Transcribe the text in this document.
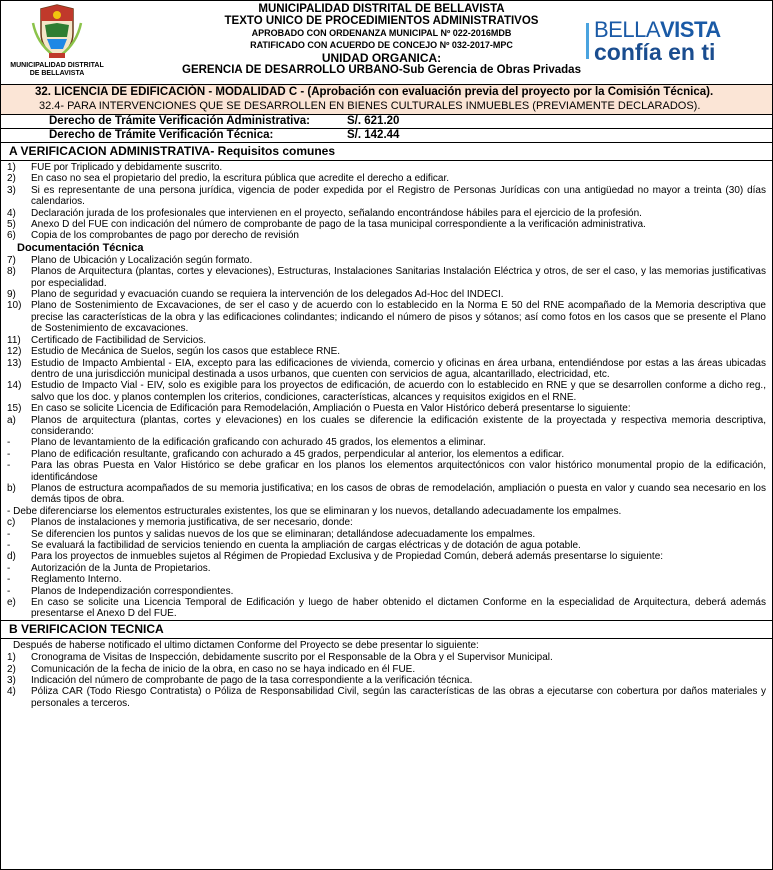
MUNICIPALIDAD DISTRITAL DE BELLAVISTA
MUNICIPALIDAD DISTRITAL DE BELLAVISTA
TEXTO UNICO DE PROCEDIMIENTOS ADMINISTRATIVOS
APROBADO CON ORDENANZA MUNICIPAL Nº 022-2016MDB
RATIFICADO CON ACUERDO DE CONCEJO Nº 032-2017-MPC
UNIDAD ORGANICA:
GERENCIA DE DESARROLLO URBANO-Sub Gerencia de Obras Privadas
BELLAVISTA
confía en ti
32. LICENCIA DE EDIFICACIÓN - MODALIDAD C - (Aprobación con evaluación previa del proyecto por la Comisión Técnica).
32.4- PARA INTERVENCIONES QUE SE DESARROLLEN EN BIENES CULTURALES INMUEBLES (PREVIAMENTE DECLARADOS).
Derecho de Trámite Verificación Administrativa:	S/. 621.20
Derecho de Trámite Verificación Técnica:	S/. 142.44
A VERIFICACION ADMINISTRATIVA- Requisitos comunes
1)	FUE por Triplicado y debidamente suscrito.
2)	En caso no sea el propietario del predio, la escritura pública que acredite el derecho a edificar.
3)	Si es representante de una persona jurídica, vigencia de poder expedida por el Registro de Personas Jurídicas con una antigüedad no mayor a treinta (30) días calendarios.
4)	Declaración jurada de los profesionales que intervienen en el proyecto, señalando encontrándose hábiles para el ejercicio de la profesión.
5)	Anexo D del FUE con indicación del número de comprobante de pago de la tasa municipal correspondiente a la verificación administrativa.
6)	Copia de los comprobantes de pago por derecho de revisión
Documentación Técnica
7)	Plano de Ubicación y Localización según formato.
8)	Planos de Arquitectura (plantas, cortes y elevaciones), Estructuras, Instalaciones Sanitarias Instalación Eléctrica y otros, de ser el caso, y las memorias justificativas por especialidad.
9)	Plano de seguridad y evacuación cuando se requiera la intervención de los delegados Ad-Hoc del INDECI.
10) Plano de Sostenimiento de Excavaciones, de ser el caso y de acuerdo con lo establecido en la Norma E 50 del RNE acompañado de la Memoria descriptiva que precise las características de la obra y las edificaciones colindantes; indicando el número de pisos y sótanos; así como fotos en los casos que se presente el Plano de Sostenimiento de excavaciones.
11)	Certificado de Factibilidad de Servicios.
12) Estudio de Mecánica de Suelos, según los casos que establece RNE.
13) Estudio de Impacto Ambiental - EIA, excepto para las edificaciones de vivienda, comercio y oficinas en área urbana, entendiéndose por estas a las áreas ubicadas dentro de una jurisdicción municipal destinada a usos urbanos, que cuenten con servicios de agua, alcantarillado, electricidad, etc.
14) Estudio de Impacto Vial - EIV, solo es exigible para los proyectos de edificación, de acuerdo con lo establecido en RNE y que se desarrollen conforme a dicho reg., salvo que los doc. y planos contemplen los criterios, condiciones, características, alcances y requisitos exigidos en el RNE.
15) En caso se solicite Licencia de Edificación para Remodelación, Ampliación o Puesta en Valor Histórico deberá presentarse lo siguiente:
a)	Planos de arquitectura (plantas, cortes y elevaciones) en los cuales se diferencie la edificación existente de la proyectada y respectiva memoria descriptiva, considerando:
-	Plano de levantamiento de la edificación graficando con achurado 45 grados, los elementos a eliminar.
-	Plano de edificación resultante, graficando con achurado a 45 grados, perpendicular al anterior, los elementos a edificar.
-	Para las obras Puesta en Valor Histórico se debe graficar en los planos los elementos arquitectónicos con valor histórico monumental propio de la edificación, identificándose
b)	Planos de estructura acompañados de su memoria justificativa; en los casos de obras de remodelación, ampliación o puesta en valor y cuando sea necesario en los demás tipos de obra.
- Debe diferenciarse los elementos estructurales existentes, los que se eliminaran y los nuevos, detallando adecuadamente los empalmes.
c)	Planos de instalaciones y memoria justificativa, de ser necesario, donde:
-	Se diferencien los puntos y salidas nuevos de los que se eliminaran; detallándose adecuadamente los empalmes.
-	Se evaluará la factibilidad de servicios teniendo en cuenta la ampliación de cargas eléctricas y de dotación de agua potable.
d)	Para los proyectos de inmuebles sujetos al Régimen de Propiedad Exclusiva y de Propiedad Común, deberá además presentarse lo siguiente:
-	Autorización de la Junta de Propietarios.
-	Reglamento Interno.
-	Planos de Independización correspondientes.
e)	En caso se solicite una Licencia Temporal de Edificación y luego de haber obtenido el dictamen Conforme en la especialidad de Arquitectura, deberá además presentarse el Anexo D del FUE.
B VERIFICACION TECNICA
Después de haberse notificado el ultimo dictamen Conforme del Proyecto se debe presentar lo siguiente:
1)	Cronograma de Visitas de Inspección, debidamente suscrito por el Responsable de la Obra y el Supervisor Municipal.
2)	Comunicación de la fecha de inicio de la obra, en caso no se haya indicado en él FUE.
3)	Indicación del número de comprobante de pago de la tasa correspondiente a la verificación técnica.
4)	Póliza CAR (Todo Riesgo Contratista) o Póliza de Responsabilidad Civil, según las características de las obras a ejecutarse con cobertura por daños materiales y personales a terceros.
